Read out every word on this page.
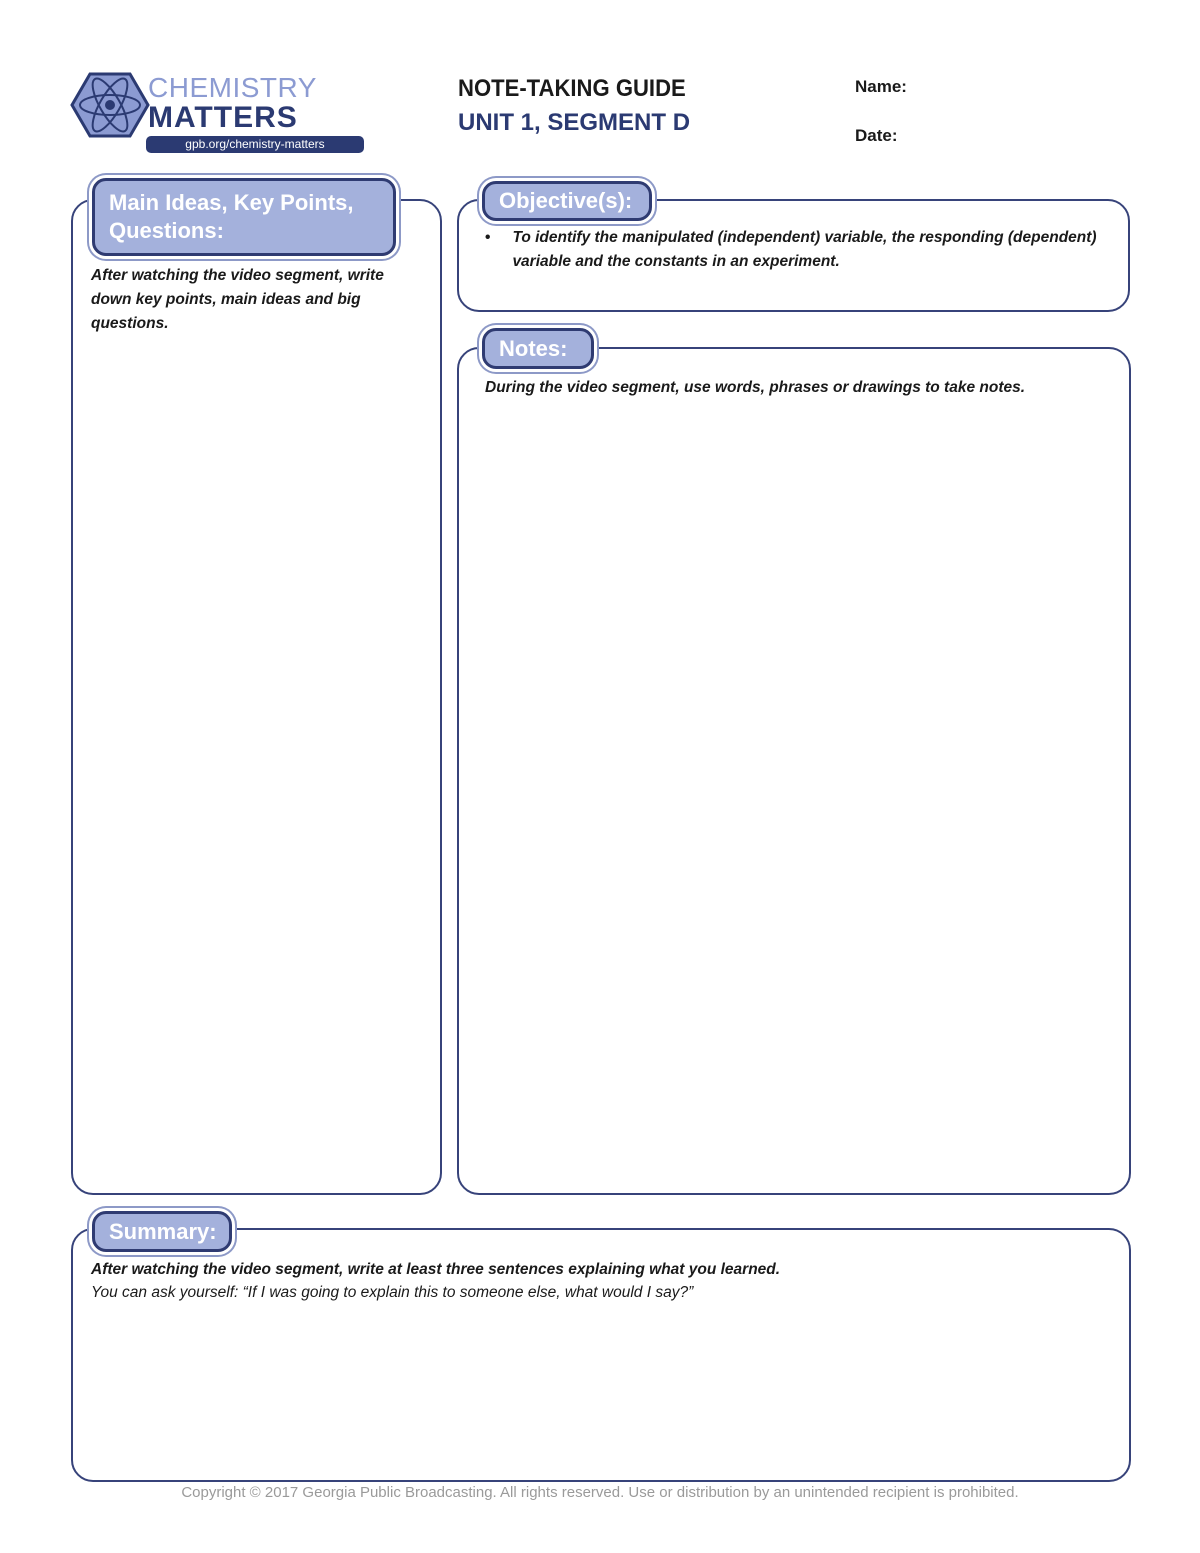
CHEMISTRY
MATTERS
gpb.org/chemistry-matters
NOTE-TAKING GUIDE
UNIT 1, SEGMENT D
Name:
Date:
Main Ideas, Key Points,
Questions:
After watching the video segment, write down key points, main ideas and big questions.
Objective(s):
• To identify the manipulated (independent) variable, the responding (dependent) variable and the constants in an experiment.
Notes:
During the video segment, use words, phrases or drawings to take notes.
Summary:
After watching the video segment, write at least three sentences explaining what you learned.
You can ask yourself: “If I was going to explain this to someone else, what would I say?”
Copyright © 2017 Georgia Public Broadcasting. All rights reserved. Use or distribution by an unintended recipient is prohibited.
